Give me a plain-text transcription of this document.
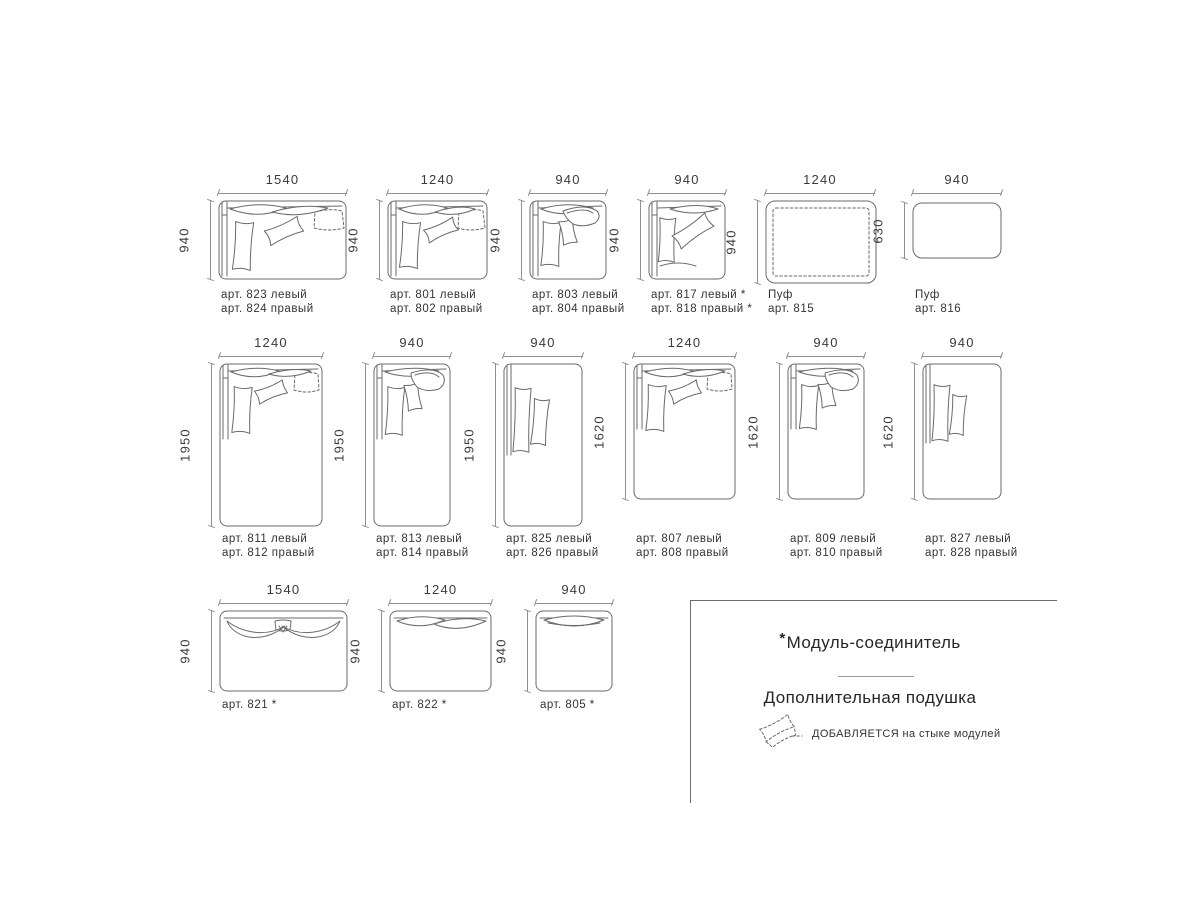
1540
940
арт. 823 левый
арт. 824 правый
1240
940
арт. 801 левый
арт. 802 правый
940
940
арт. 803 левый
арт. 804 правый
940
940
арт. 817 левый *
арт. 818 правый *
1240
940
Пуф
арт. 815
940
630
Пуф
арт. 816
1240
1950
арт. 811 левый
арт. 812 правый
940
1950
арт. 813 левый
арт. 814 правый
940
1950
арт. 825 левый
арт. 826 правый
1240
1620
арт. 807 левый
арт. 808 правый
940
1620
арт. 809 левый
арт. 810 правый
940
1620
арт. 827 левый
арт. 828 правый
1540
940
арт. 821 *
1240
940
арт. 822 *
940
940
арт. 805 *
*Модуль-соединитель
Дополнительная подушка
ДОБАВЛЯЕТСЯ на стыке модулей
